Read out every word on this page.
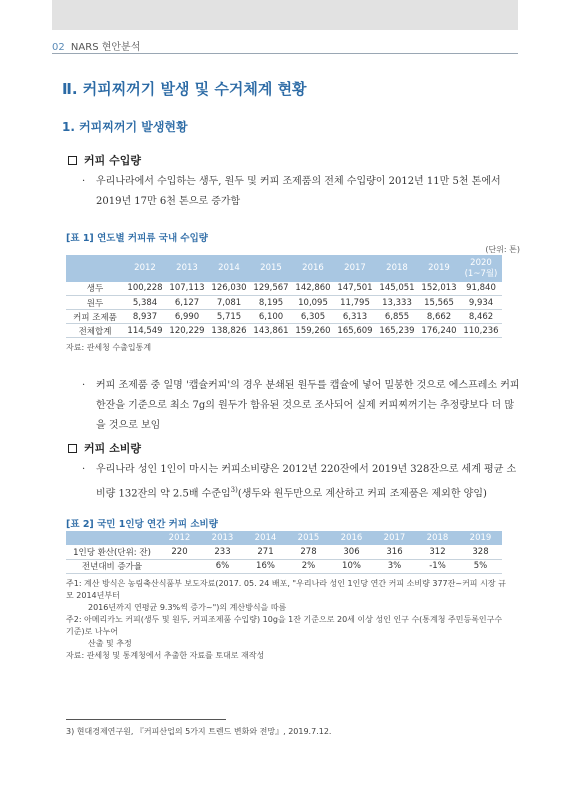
02 NARS 현안분석
Ⅱ. 커피찌꺼기 발생 및 수거체계 현황
1. 커피찌꺼기 발생현황
커피 수입량
·	우리나라에서 수입하는 생두, 원두 및 커피 조제품의 전체 수입량이 2012년 11만 5천 톤에서 2019년 17만 6천 톤으로 증가함
[표 1] 연도별 커피류 국내 수입량
(단위: 톤)
	2012	2013	2014	2015	2016	2017	2018	2019	2020
(1~7월)
생두	100,228	107,113	126,030	129,567	142,860	147,501	145,051	152,013	91,840
원두	5,384	6,127	7,081	8,195	10,095	11,795	13,333	15,565	9,934
커피 조제품	8,937	6,990	5,715	6,100	6,305	6,313	6,855	8,662	8,462
전체합계	114,549	120,229	138,826	143,861	159,260	165,609	165,239	176,240	110,236
자료: 관세청 수출입통계
·	커피 조제품 중 일명 '캡슐커피'의 경우 분쇄된 원두를 캡슐에 넣어 밀봉한 것으로 에스프레소 커피 한잔을 기준으로 최소 7g의 원두가 함유된 것으로 조사되어 실제 커피찌꺼기는 추정량보다 더 많을 것으로 보임
커피 소비량
·	우리나라 성인 1인이 마시는 커피소비량은 2012년 220잔에서 2019년 328잔으로 세계 평균 소비량 132잔의 약 2.5배 수준임$^{3)}$(생두와 원두만으로 계산하고 커피 조제품은 제외한 양임)
[표 2] 국민 1인당 연간 커피 소비량
	2012	2013	2014	2015	2016	2017	2018	2019
1인당 환산(단위: 잔)	220	233	271	278	306	316	312	328
전년대비 증가율		6%	16%	2%	10%	3%	-1%	5%
주1: 계산 방식은 농림축산식품부 보도자료(2017. 05. 24 배포, "우리나라 성인 1인당 연간 커피 소비량 377잔~커피 시장 규모 2014년부터
2016년까지 연평균 9.3%씩 증가~")의 계산방식을 따름
주2: 아메리카노 커피(생두 및 원두, 커피조제품 수입량) 10g을 1잔 기준으로 20세 이상 성인 인구 수(통계청 주민등록인구수 기준)로 나누어
산출 및 추정
자료: 관세청 및 통계청에서 추출한 자료를 토대로 재작성
3) 현대경제연구원, 『커피산업의 5가지 트렌드 변화와 전망』, 2019.7.12.
